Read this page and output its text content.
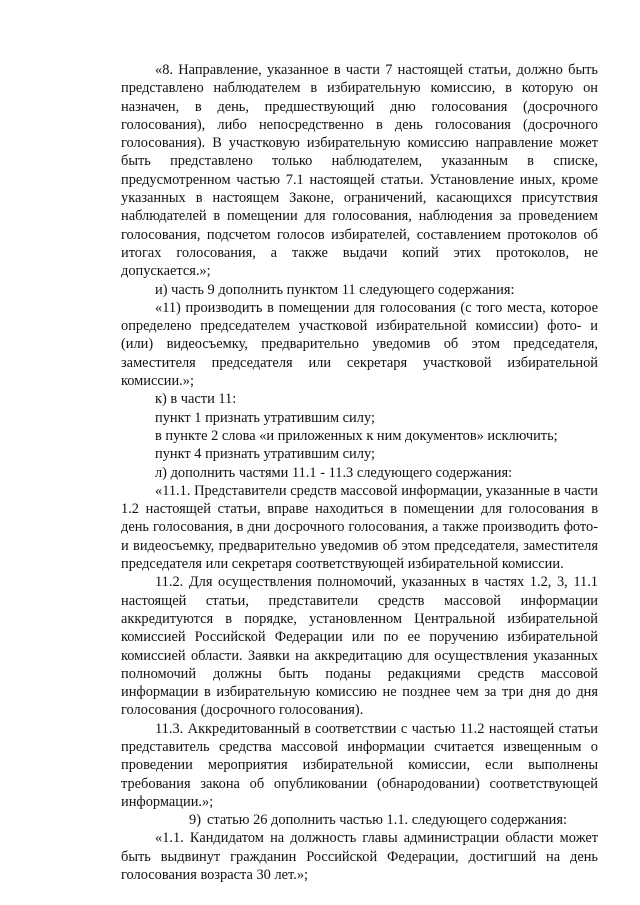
«8. Направление, указанное в части 7 настоящей статьи, должно быть представлено наблюдателем в избирательную комиссию, в которую он назначен, в день, предшествующий дню голосования (досрочного голосования), либо непосредственно в день голосования (досрочного голосования). В участковую избирательную комиссию направление может быть представлено только наблюдателем, указанным в списке, предусмотренном частью 7.1 настоящей статьи. Установление иных, кроме указанных в настоящем Законе, ограничений, касающихся присутствия наблюдателей в помещении для голосования, наблюдения за проведением голосования, подсчетом голосов избирателей, составлением протоколов об итогах голосования, а также выдачи копий этих протоколов, не допускается.»;

и) часть 9 дополнить пунктом 11 следующего содержания:

«11) производить в помещении для голосования (с того места, которое определено председателем участковой избирательной комиссии) фото- и (или) видеосъемку, предварительно уведомив об этом председателя, заместителя председателя или секретаря участковой избирательной комиссии.»;

к) в части 11:

пункт 1 признать утратившим силу;

в пункте 2 слова «и приложенных к ним документов» исключить;

пункт 4 признать утратившим силу;

л) дополнить частями 11.1 - 11.3 следующего содержания:

«11.1. Представители средств массовой информации, указанные в части 1.2 настоящей статьи, вправе находиться в помещении для голосования в день голосования, в дни досрочного голосования, а также производить фото- и видеосъемку, предварительно уведомив об этом председателя, заместителя председателя или секретаря соответствующей избирательной комиссии.

11.2. Для осуществления полномочий, указанных в частях 1.2, 3, 11.1 настоящей статьи, представители средств массовой информации аккредитуются в порядке, установленном Центральной избирательной комиссией Российской Федерации или по ее поручению избирательной комиссией области. Заявки на аккредитацию для осуществления указанных полномочий должны быть поданы редакциями средств массовой информации в избирательную комиссию не позднее чем за три дня до дня голосования (досрочного голосования).

11.3. Аккредитованный в соответствии с частью 11.2 настоящей статьи представитель средства массовой информации считается извещенным о проведении мероприятия избирательной комиссии, если выполнены требования закона об опубликовании (обнародовании) соответствующей информации.»;

9) статью 26 дополнить частью 1.1. следующего содержания:

«1.1. Кандидатом на должность главы администрации области может быть выдвинут гражданин Российской Федерации, достигший на день голосования возраста 30 лет.»;
